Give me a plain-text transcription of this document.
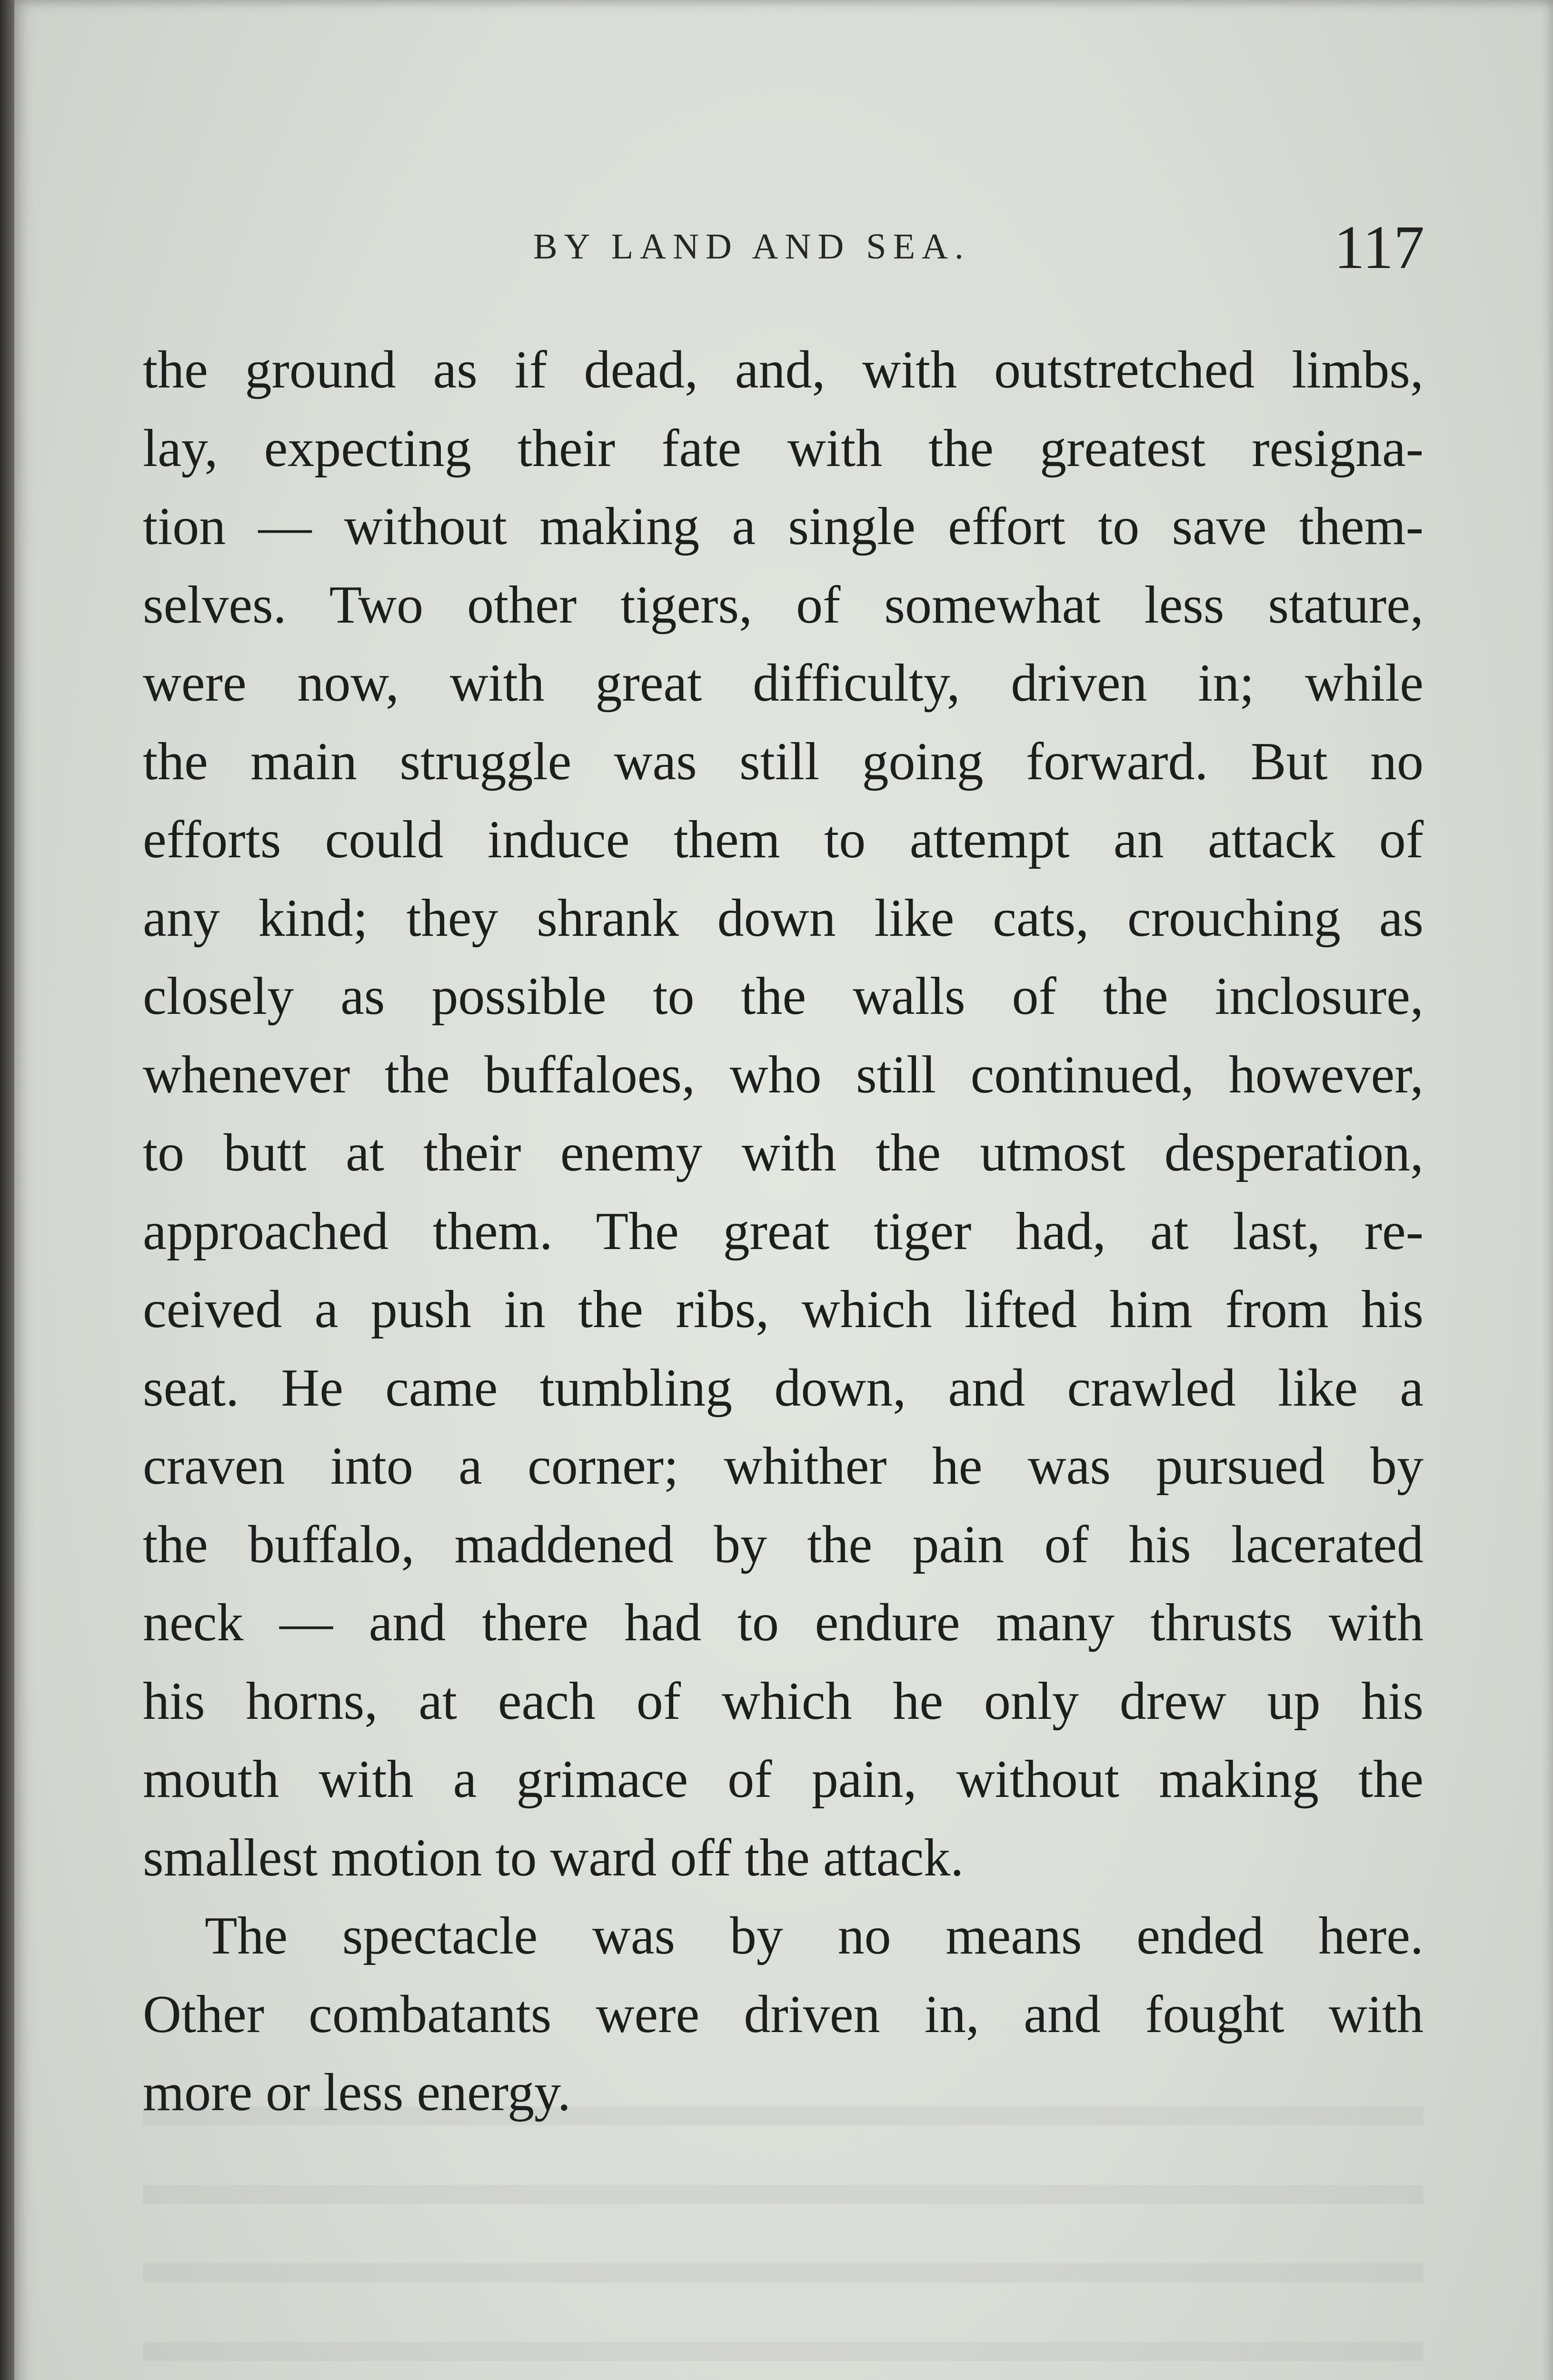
BY LAND AND SEA.	117
the ground as if dead, and, with outstretched limbs,
lay, expecting their fate with the greatest resigna-
tion — without making a single effort to save them-
selves. Two other tigers, of somewhat less stature,
were now, with great difficulty, driven in; while
the main struggle was still going forward. But no
efforts could induce them to attempt an attack of
any kind; they shrank down like cats, crouching as
closely as possible to the walls of the inclosure,
whenever the buffaloes, who still continued, however,
to butt at their enemy with the utmost desperation,
approached them. The great tiger had, at last, re-
ceived a push in the ribs, which lifted him from his
seat. He came tumbling down, and crawled like a
craven into a corner; whither he was pursued by
the buffalo, maddened by the pain of his lacerated
neck — and there had to endure many thrusts with
his horns, at each of which he only drew up his
mouth with a grimace of pain, without making the
smallest motion to ward off the attack.
The spectacle was by no means ended here.
Other combatants were driven in, and fought with
more or less energy.
